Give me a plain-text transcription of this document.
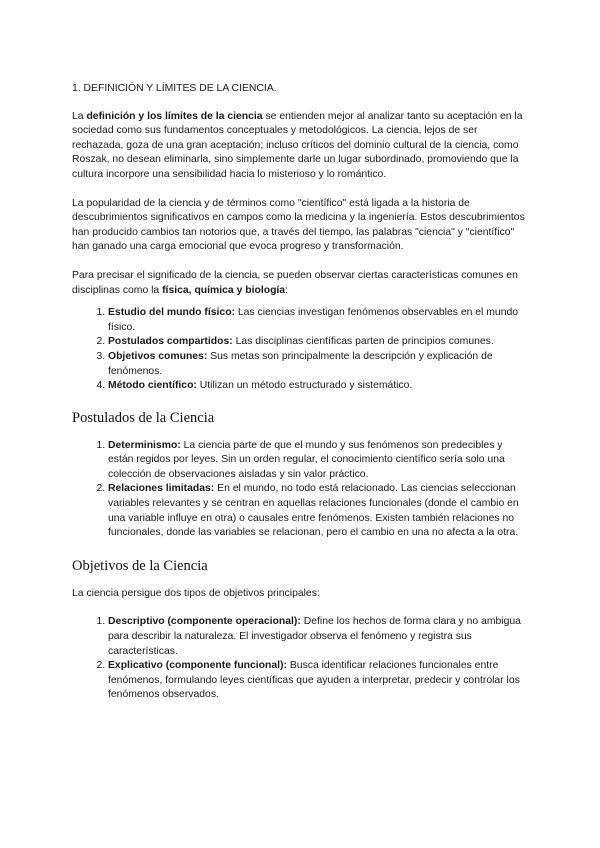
1. DEFINICIÓN Y LÍMITES DE LA CIENCIA.

La definición y los límites de la ciencia se entienden mejor al analizar tanto su aceptación en la sociedad como sus fundamentos conceptuales y metodológicos. La ciencia, lejos de ser rechazada, goza de una gran aceptación; incluso críticos del dominio cultural de la ciencia, como Roszak, no desean eliminarla, sino simplemente darle un lugar subordinado, promoviendo que la cultura incorpore una sensibilidad hacia lo misterioso y lo romántico.

La popularidad de la ciencia y de términos como "científico" está ligada a la historia de descubrimientos significativos en campos como la medicina y la ingeniería. Estos descubrimientos han producido cambios tan notorios que, a través del tiempo, las palabras "ciencia" y "científico" han ganado una carga emocional que evoca progreso y transformación.

Para precisar el significado de la ciencia, se pueden observar ciertas características comunes en disciplinas como la física, química y biología:

1. Estudio del mundo físico: Las ciencias investigan fenómenos observables en el mundo físico.
2. Postulados compartidos: Las disciplinas científicas parten de principios comunes.
3. Objetivos comunes: Sus metas son principalmente la descripción y explicación de fenómenos.
4. Método científico: Utilizan un método estructurado y sistemático.
Postulados de la Ciencia
1. Determinismo: La ciencia parte de que el mundo y sus fenómenos son predecibles y están regidos por leyes. Sin un orden regular, el conocimiento científico sería solo una colección de observaciones aisladas y sin valor práctico.
2. Relaciones limitadas: En el mundo, no todo está relacionado. Las ciencias seleccionan variables relevantes y se centran en aquellas relaciones funcionales (donde el cambio en una variable influye en otra) o causales entre fenómenos. Existen también relaciones no funcionales, donde las variables se relacionan, pero el cambio en una no afecta a la otra.
Objetivos de la Ciencia

La ciencia persigue dos tipos de objetivos principales:

1. Descriptivo (componente operacional): Define los hechos de forma clara y no ambigua para describir la naturaleza. El investigador observa el fenómeno y registra sus características.
2. Explicativo (componente funcional): Busca identificar relaciones funcionales entre fenómenos, formulando leyes científicas que ayuden a interpretar, predecir y controlar los fenómenos observados.
